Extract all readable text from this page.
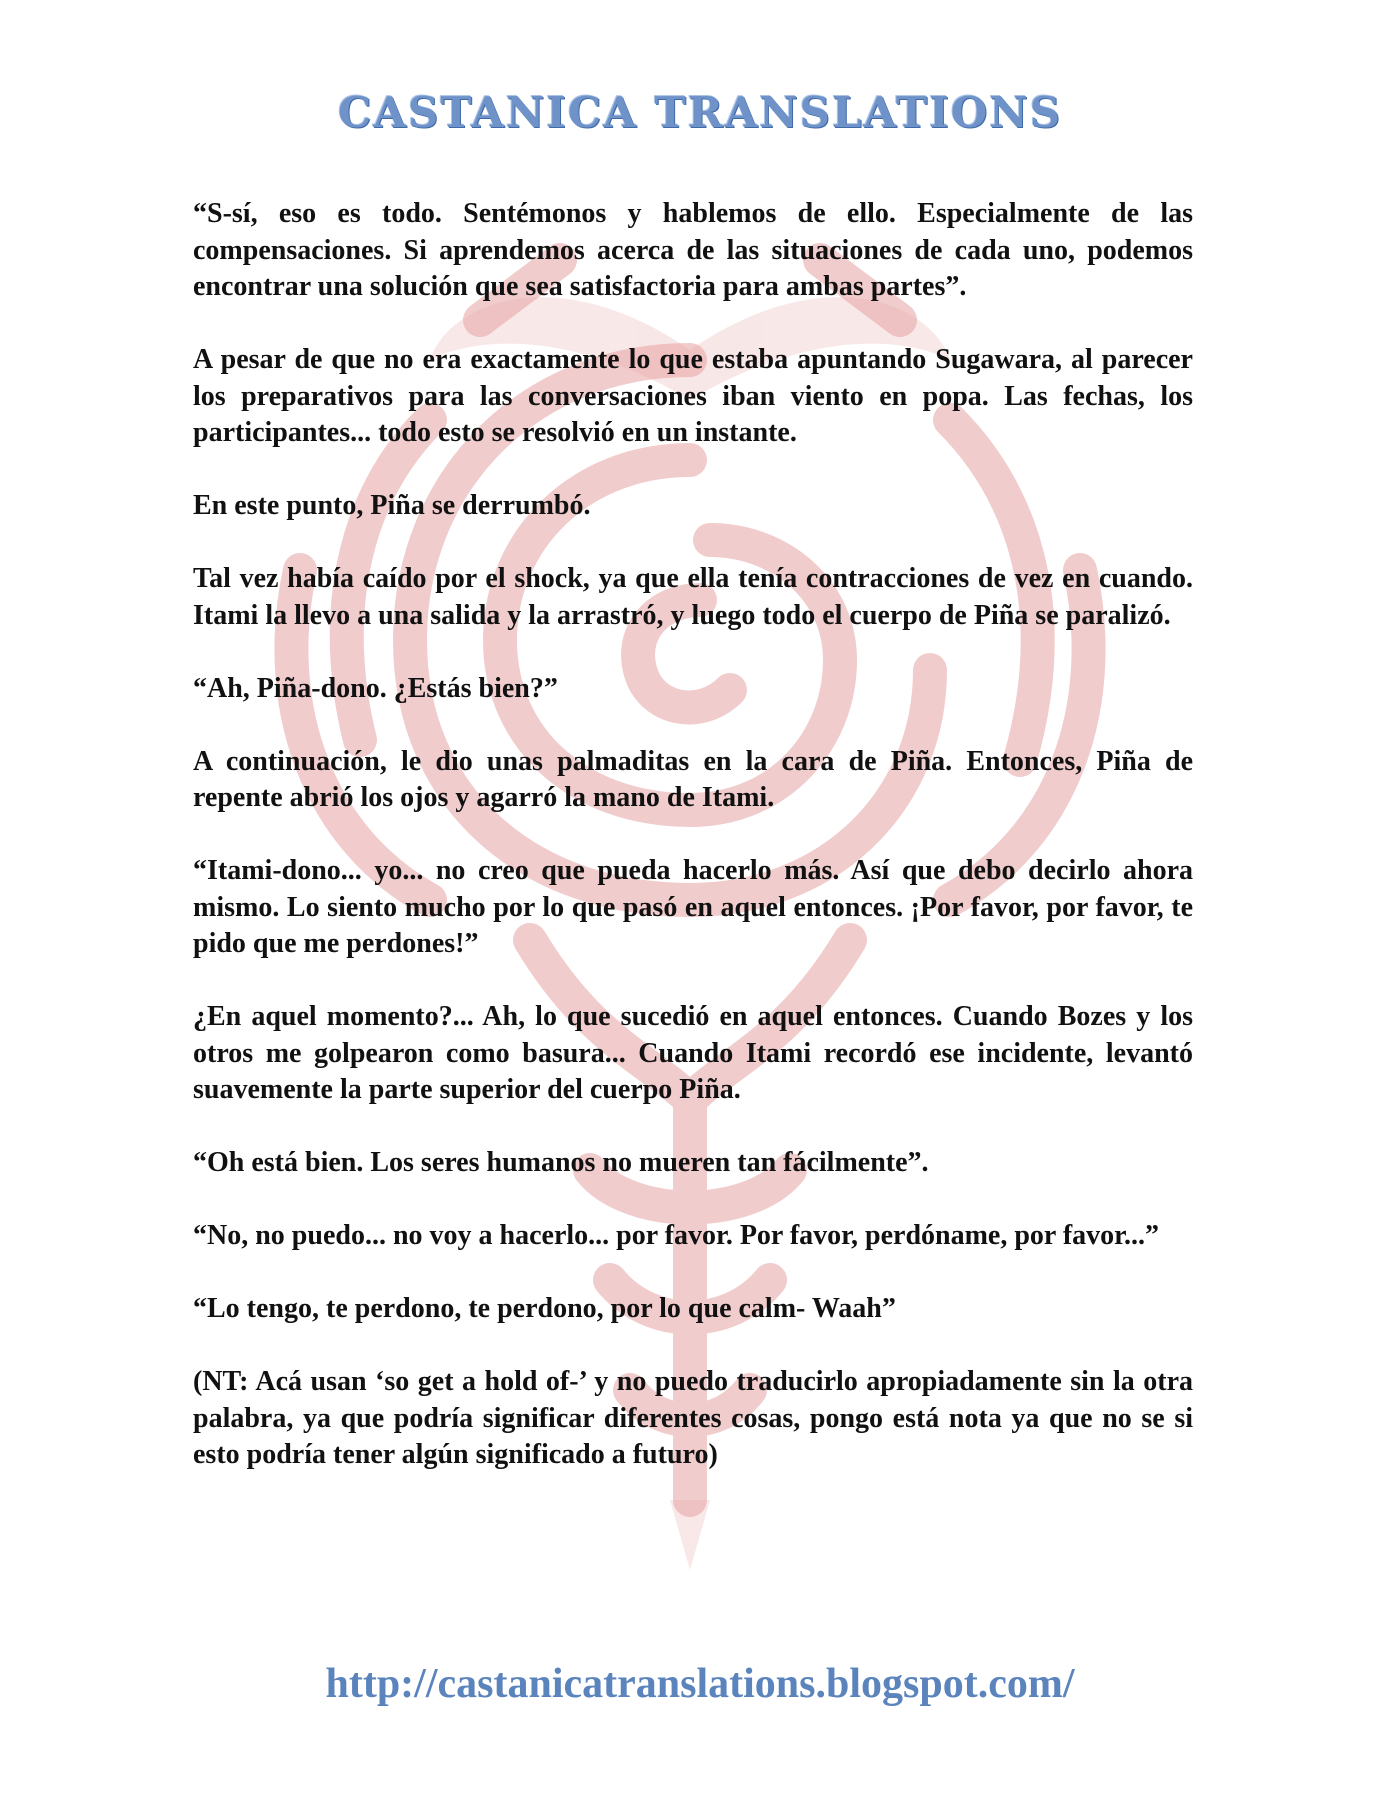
CASTANICA TRANSLATIONS

“S-sí, eso es todo. Sentémonos y hablemos de ello. Especialmente de las compensaciones. Si aprendemos acerca de las situaciones de cada uno, podemos encontrar una solución que sea satisfactoria para ambas partes”.

A pesar de que no era exactamente lo que estaba apuntando Sugawara, al parecer los preparativos para las conversaciones iban viento en popa. Las fechas, los participantes... todo esto se resolvió en un instante.

En este punto, Piña se derrumbó.

Tal vez había caído por el shock, ya que ella tenía contracciones de vez en cuando. Itami la llevo a una salida y la arrastró, y luego todo el cuerpo de Piña se paralizó.

“Ah, Piña-dono. ¿Estás bien?”

A continuación, le dio unas palmaditas en la cara de Piña. Entonces, Piña de repente abrió los ojos y agarró la mano de Itami.

“Itami-dono... yo... no creo que pueda hacerlo más. Así que debo decirlo ahora mismo. Lo siento mucho por lo que pasó en aquel entonces. ¡Por favor, por favor, te pido que me perdones!”

¿En aquel momento?... Ah, lo que sucedió en aquel entonces. Cuando Bozes y los otros me golpearon como basura... Cuando Itami recordó ese incidente, levantó suavemente la parte superior del cuerpo Piña.

“Oh está bien. Los seres humanos no mueren tan fácilmente”.

“No, no puedo... no voy a hacerlo... por favor. Por favor, perdóname, por favor...”

“Lo tengo, te perdono, te perdono, por lo que calm- Waah”

(NT: Acá usan ‘so get a hold of-’ y no puedo traducirlo apropiadamente sin la otra palabra, ya que podría significar diferentes cosas, pongo está nota ya que no se si esto podría tener algún significado a futuro)

http://castanicatranslations.blogspot.com/
